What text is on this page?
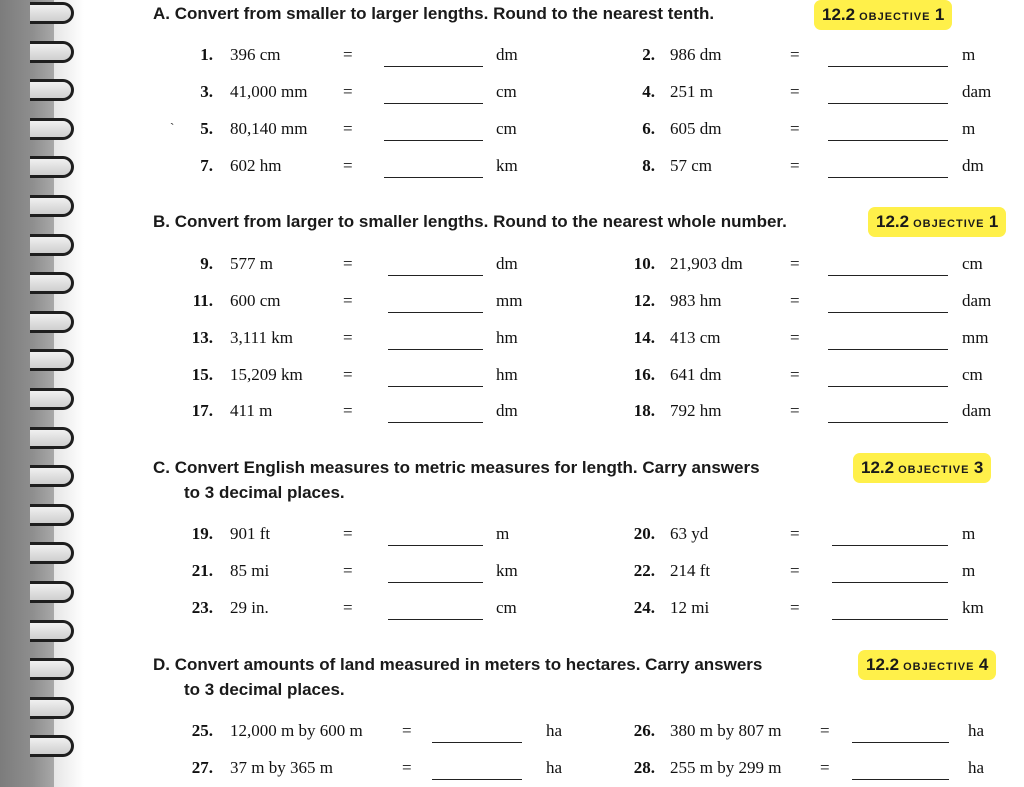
`
A. Convert from smaller to larger lengths. Round to the nearest tenth.	12.2 OBJECTIVE 1
1. 396 cm	=	dm	2. 986 dm	=	m
3. 41,000 mm =	cm	4. 251 m	=	dam
5. 80,140 mm =	cm	6. 605 dm	=	m
7. 602 hm	=	km	8. 57 cm	=	dm
B. Convert from larger to smaller lengths. Round to the nearest whole number.	12.2 OBJECTIVE 1
9. 577 m	=	dm	10. 21,903 dm	=	cm
11. 600 cm	=	mm	12. 983 hm	=	dam
13. 3,111 km	=	hm	14. 413 cm	=	mm
15. 15,209 km =	hm	16. 641 dm	=	cm
17. 411 m	=	dm	18. 792 hm	=	dam
C. Convert English measures to metric measures for length. Carry answers
to 3 decimal places.
12.2 OBJECTIVE 3
19. 901 ft	=	m	20. 63 yd	=	m
21. 85 mi	=	km	22. 214 ft	=	m
23. 29 in.	=	cm	24. 12 mi	=	km
D. Convert amounts of land measured in meters to hectares. Carry answers
to 3 decimal places.
12.2 OBJECTIVE 4
25. 12,000 m by 600 m =	ha	26. 380 m by 807 m =	ha
27. 37 m by 365 m	=	ha	28. 255 m by 299 m =	ha
